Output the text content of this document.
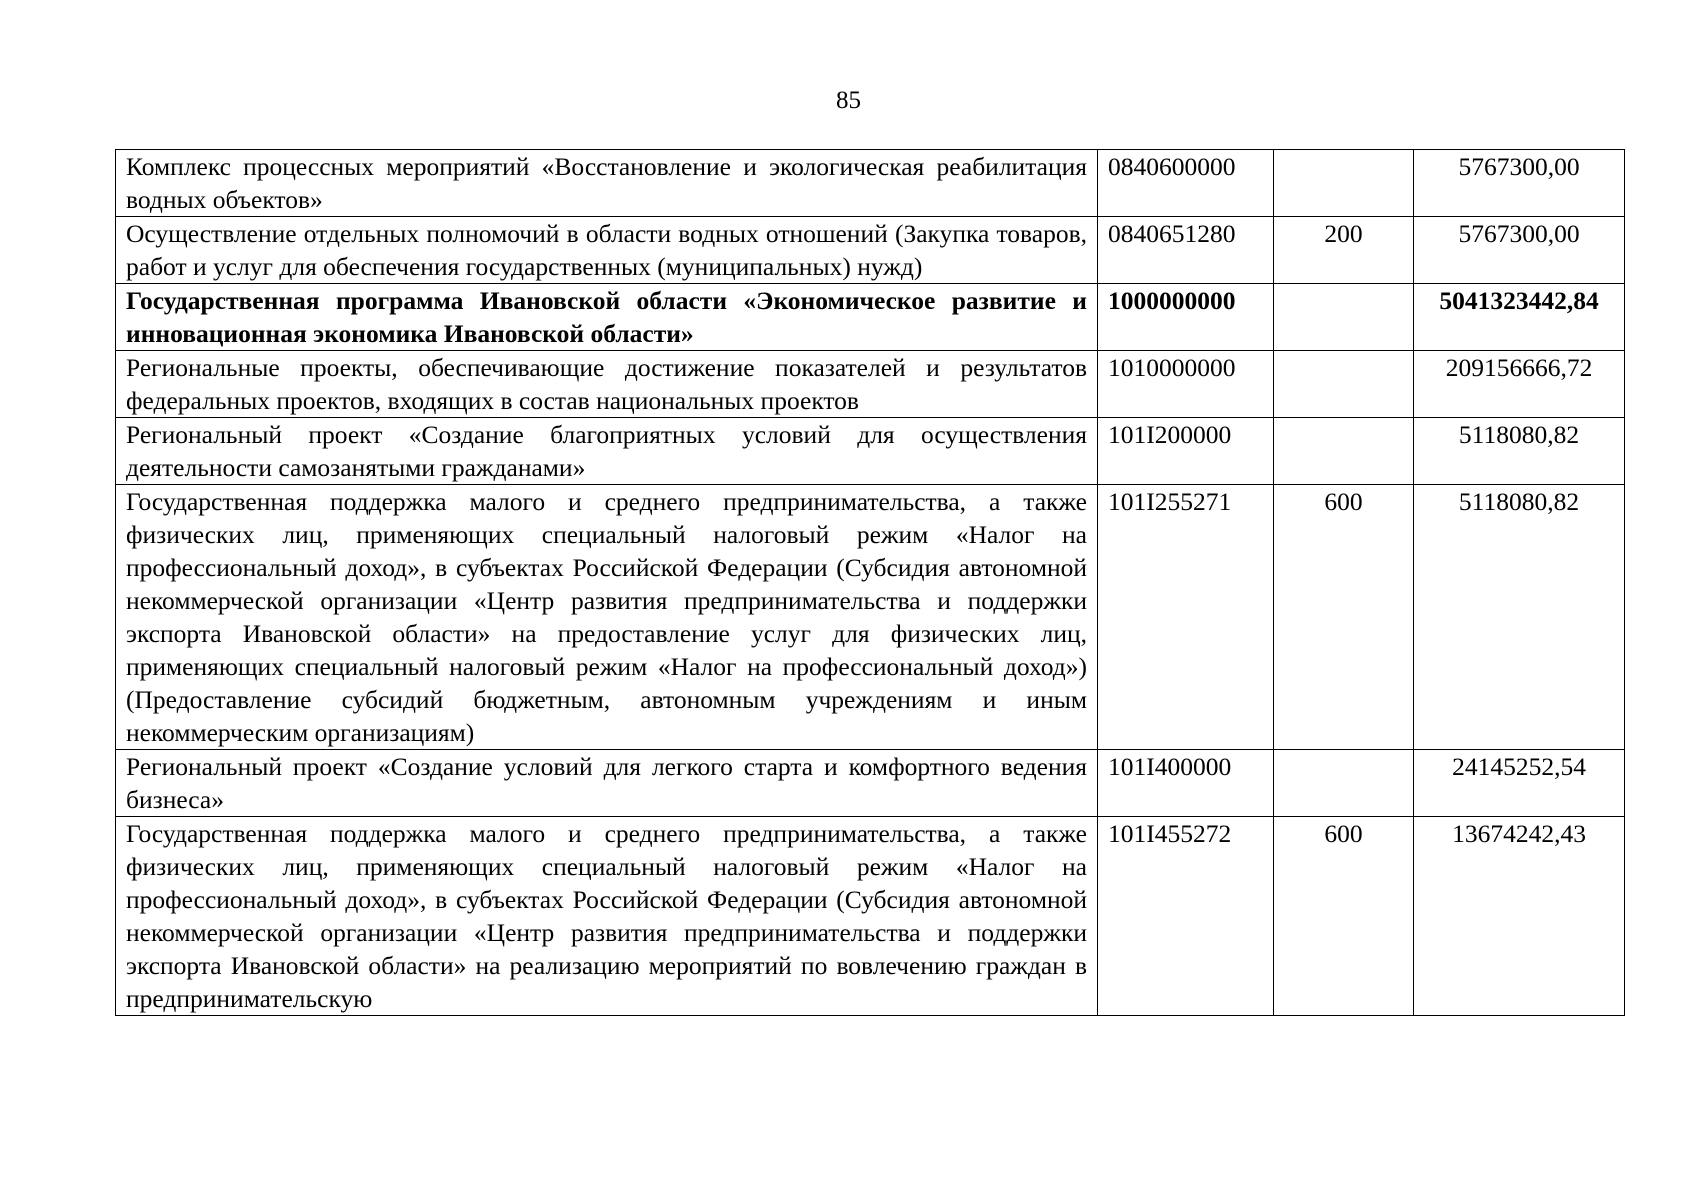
85
Комплекс процессных мероприятий «Восстановление и экологическая реабилитация водных объектов»	0840600000		5767300,00
Осуществление отдельных полномочий в области водных отношений (Закупка товаров, работ и услуг для обеспечения государственных (муниципальных) нужд)	0840651280	200	5767300,00
Государственная программа Ивановской области «Экономическое развитие и инновационная экономика Ивановской области»	1000000000		5041323442,84
Региональные проекты, обеспечивающие достижение показателей и результатов федеральных проектов, входящих в состав национальных проектов	1010000000		209156666,72
Региональный проект «Создание благоприятных условий для осуществления деятельности самозанятыми гражданами»	101I200000		5118080,82
Государственная поддержка малого и среднего предпринимательства, а также физических лиц, применяющих специальный налоговый режим «Налог на профессиональный доход», в субъектах Российской Федерации (Субсидия автономной некоммерческой организации «Центр развития предпринимательства и поддержки экспорта Ивановской области» на предоставление услуг для физических лиц, применяющих специальный налоговый режим «Налог на профессиональный доход») (Предоставление субсидий бюджетным, автономным учреждениям и иным некоммерческим организациям)	101I255271	600	5118080,82
Региональный проект «Создание условий для легкого старта и комфортного ведения бизнеса»	101I400000		24145252,54
Государственная поддержка малого и среднего предпринимательства, а также физических лиц, применяющих специальный налоговый режим «Налог на профессиональный доход», в субъектах Российской Федерации (Субсидия автономной некоммерческой организации «Центр развития предпринимательства и поддержки экспорта Ивановской области» на реализацию мероприятий по вовлечению граждан в предпринимательскую	101I455272	600	13674242,43
